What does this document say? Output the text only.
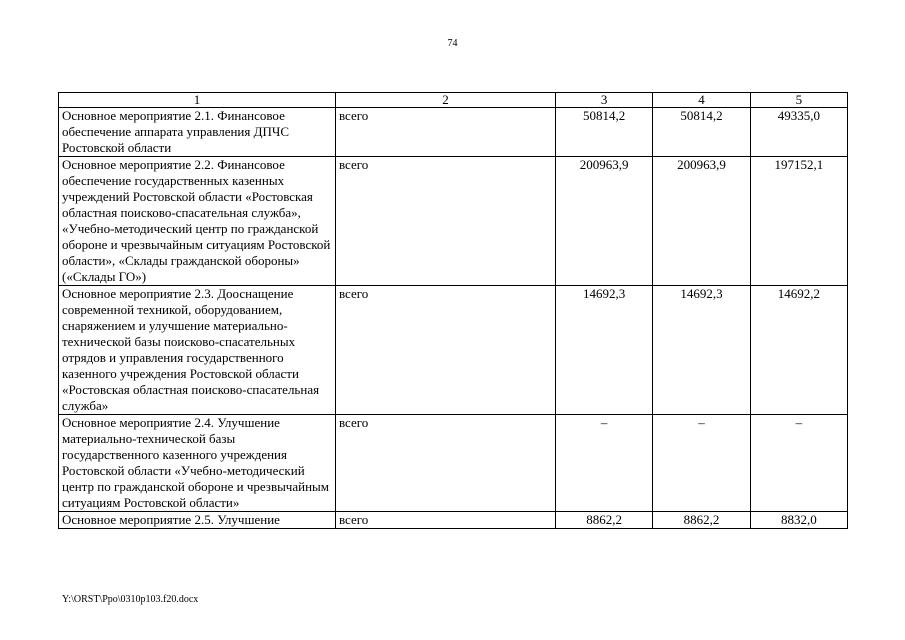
74
1	2	3	4	5
Основное мероприятие 2.1. Финансовое обеспечение аппарата управления ДПЧС Ростовской области	всего	50814,2	50814,2	49335,0
Основное мероприятие 2.2. Финансовое обеспечение государственных казенных учреждений Ростовской области «Ростовская областная поисково-спасательная служба», «Учебно-методический центр по гражданской обороне и чрезвычайным ситуациям Ростовской области», «Склады гражданской обороны» («Склады ГО»)	всего	200963,9	200963,9	197152,1
Основное мероприятие 2.3. Дооснащение современной техникой, оборудованием, снаряжением и улучшение материально-технической базы поисково-спасательных отрядов и управления государственного казенного учреждения Ростовской области «Ростовская областная поисково-спасательная служба»	всего	14692,3	14692,3	14692,2
Основное мероприятие 2.4. Улучшение материально-технической базы государственного казенного учреждения Ростовской области «Учебно-методический центр по гражданской обороне и чрезвычайным ситуациям Ростовской области»	всего	–	–	–
Основное мероприятие 2.5. Улучшение	всего	8862,2	8862,2	8832,0
Y:\ORST\Ppo\0310p103.f20.docx
